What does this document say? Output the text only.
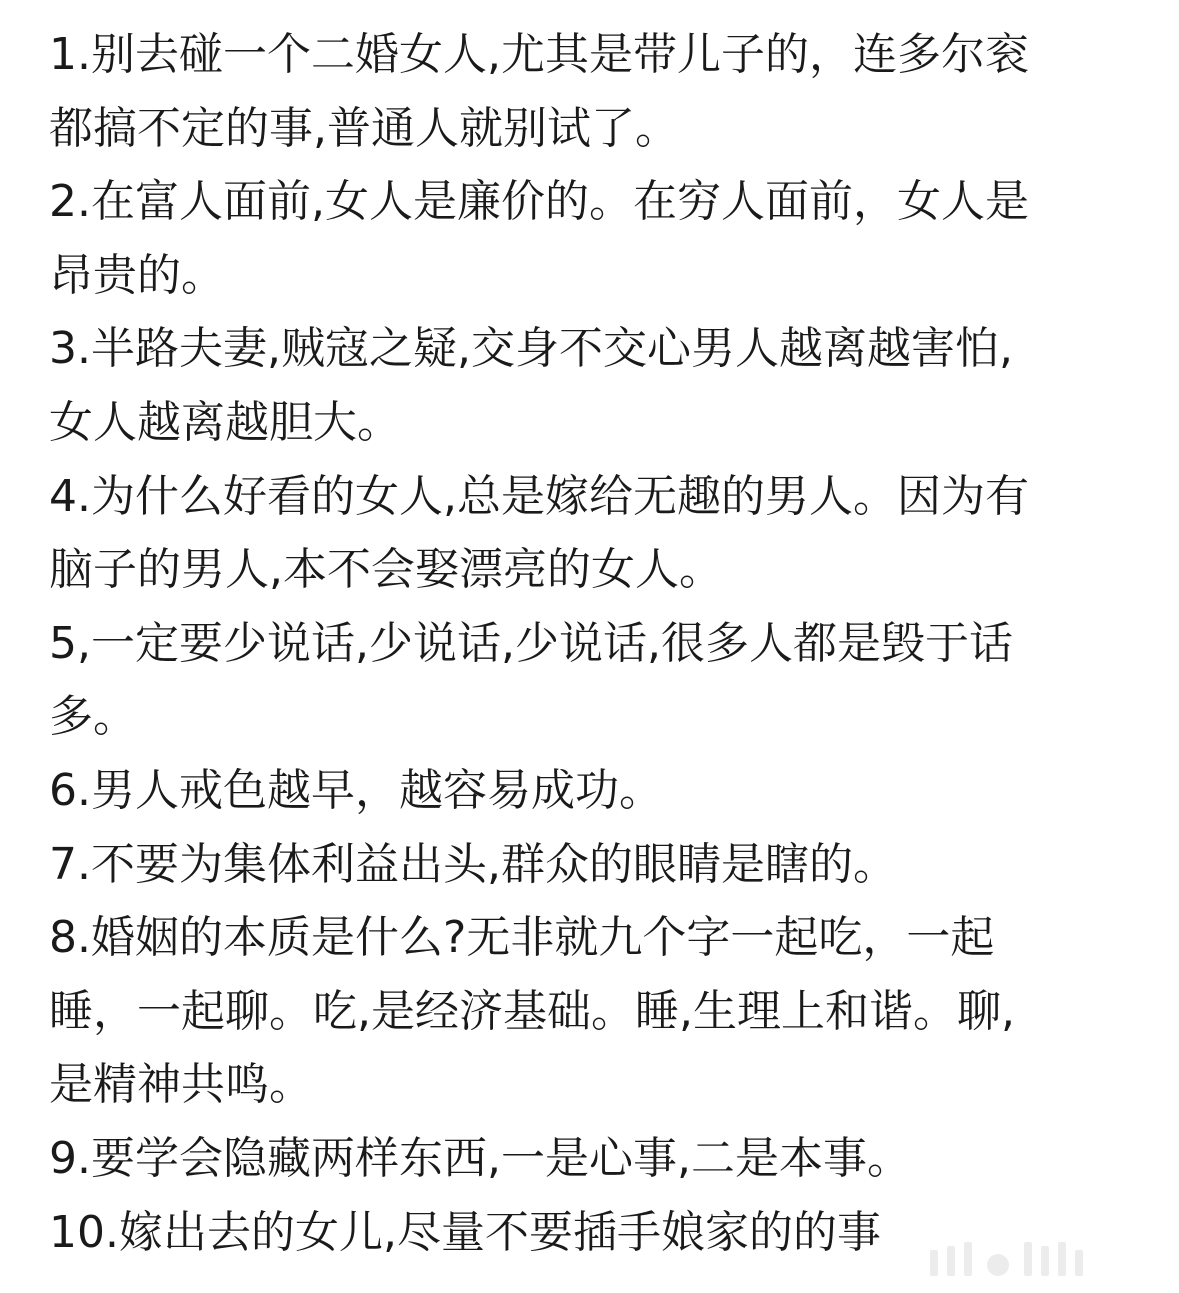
1.别去碰一个二婚女人,尤其是带儿子的，连多尔衮
都搞不定的事,普通人就别试了。
2.在富人面前,女人是廉价的。在穷人面前，女人是
昂贵的。
3.半路夫妻,贼寇之疑,交身不交心男人越离越害怕,
女人越离越胆大。
4.为什么好看的女人,总是嫁给无趣的男人。因为有
脑子的男人,本不会娶漂亮的女人。
5,一定要少说话,少说话,少说话,很多人都是毁于话
多。
6.男人戒色越早，越容易成功。
7.不要为集体利益出头,群众的眼睛是瞎的。
8.婚姻的本质是什么?无非就九个字一起吃，一起
睡，一起聊。吃,是经济基础。睡,生理上和谐。聊,
是精神共鸣。
9.要学会隐藏两样东西,一是心事,二是本事。
10.嫁出去的女儿,尽量不要插手娘家的的事
